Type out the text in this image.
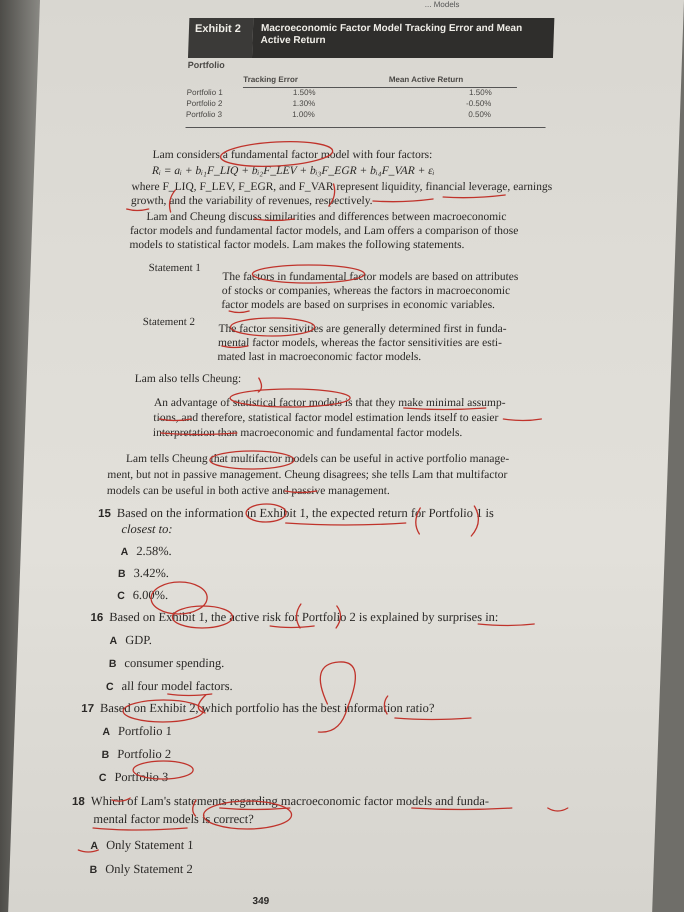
... Models
Exhibit 2	Macroeconomic Factor Model Tracking Error and Mean Active Return
Portfolio
Tracking Error	Mean Active Return
Portfolio 1	1.50%	1.50%
Portfolio 2	1.30%	-0.50%
Portfolio 3	1.00%	0.50%
Lam considers a fundamental factor model with four factors:
Rᵢ = aᵢ + bᵢ₁F_LIQ + bᵢ₂F_LEV + bᵢ₃F_EGR + bᵢ₄F_VAR + εᵢ
where F_LIQ, F_LEV, F_EGR, and F_VAR represent liquidity, financial leverage, earnings
growth, and the variability of revenues, respectively.
Lam and Cheung discuss similarities and differences between macroeconomic
factor models and fundamental factor models, and Lam offers a comparison of those
models to statistical factor models. Lam makes the following statements.
Statement 1
The factors in fundamental factor models are based on attributes
of stocks or companies, whereas the factors in macroeconomic
factor models are based on surprises in economic variables.
Statement 2
The factor sensitivities are generally determined first in funda-
mental factor models, whereas the factor sensitivities are esti-
mated last in macroeconomic factor models.
Lam also tells Cheung:
An advantage of statistical factor models is that they make minimal assump-
tions, and therefore, statistical factor model estimation lends itself to easier
interpretation than macroeconomic and fundamental factor models.
Lam tells Cheung that multifactor models can be useful in active portfolio manage-
ment, but not in passive management. Cheung disagrees; she tells Lam that multifactor
models can be useful in both active and passive management.
15 Based on the information in Exhibit 1, the expected return for Portfolio 1 is
closest to:
A 2.58%.
B 3.42%.
C 6.00%.
16 Based on Exhibit 1, the active risk for Portfolio 2 is explained by surprises in:
A GDP.
B consumer spending.
C all four model factors.
17 Based on Exhibit 2, which portfolio has the best information ratio?
A Portfolio 1
B Portfolio 2
C Portfolio 3
18 Which of Lam's statements regarding macroeconomic factor models and funda-
mental factor models is correct?
A Only Statement 1
B Only Statement 2
349
